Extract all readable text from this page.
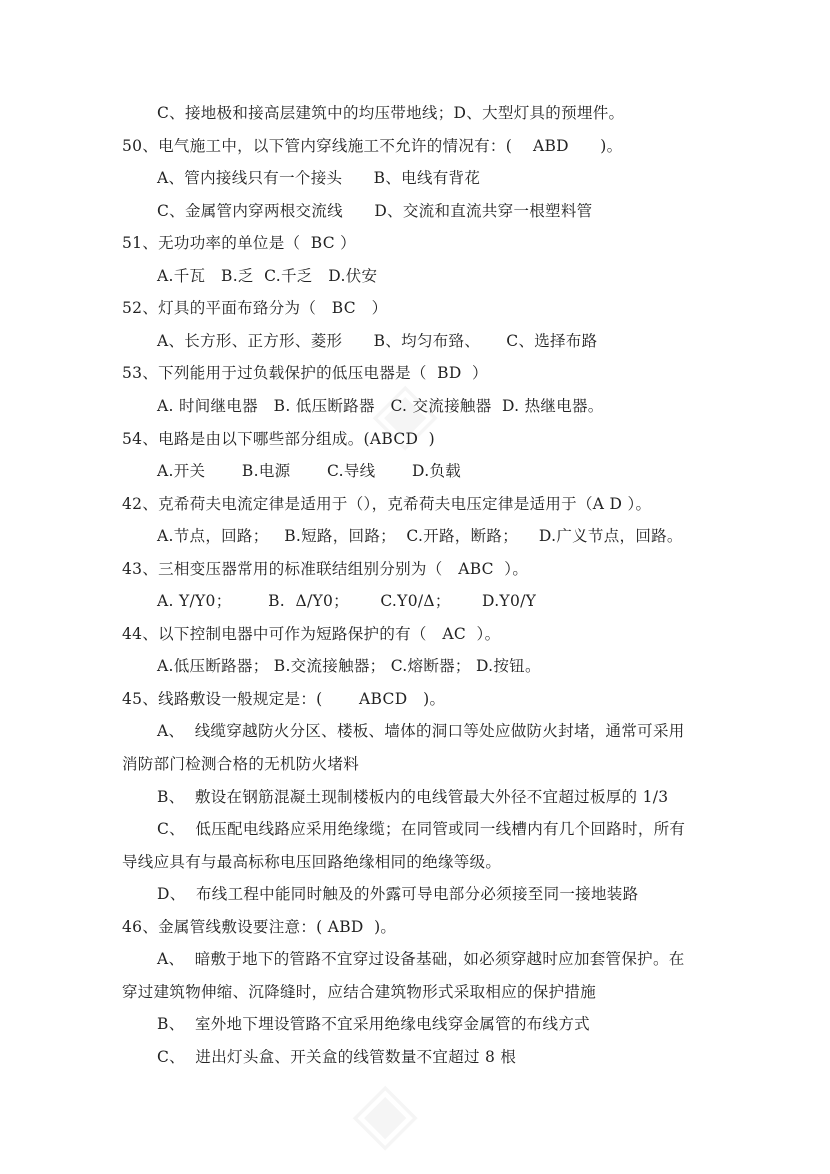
▣
▣
C、接地极和接高层建筑中的均压带地线；D、大型灯具的预埋件。
50、电气施工中，以下管内穿线施工不允许的情况有：(    ABD      )。
A、管内接线只有一个接头      B、电线有背花
C、金属管内穿两根交流线      D、交流和直流共穿一根塑料管
51、无功功率的单位是（  BC ）
A.千瓦   B.乏  C.千乏   D.伏安
52、灯具的平面布臵分为（   BC   ）
A、长方形、正方形、菱形      B、均匀布臵、     C、选择布路
53、下列能用于过负载保护的低压电器是（  BD  ）
A. 时间继电器   B. 低压断路器   C. 交流接触器  D. 热继电器。
54、电路是由以下哪些部分组成。(ABCD  )
A.开关       B.电源       C.导线       D.负载
42、克希荷夫电流定律是适用于（），克希荷夫电压定律是适用于（A D ）。
A.节点，回路；   B.短路，回路；  C.开路，断路；    D.广义节点，回路。
43、三相变压器常用的标准联结组别分别为（   ABC  ）。
A. Y/Y0；       B.  Δ/Y0；      C.Y0/Δ；      D.Y0/Y
44、以下控制电器中可作为短路保护的有（   AC  ）。
A.低压断路器； B.交流接触器； C.熔断器； D.按钮。
45、线路敷设一般规定是：(       ABCD   )。
A、  线缆穿越防火分区、楼板、墙体的洞口等处应做防火封堵，通常可采用
消防部门检测合格的无机防火堵料
B、  敷设在钢筋混凝土现制楼板内的电线管最大外径不宜超过板厚的 1/3
C、  低压配电线路应采用绝缘缆；在同管或同一线槽内有几个回路时，所有
导线应具有与最高标称电压回路绝缘相同的绝缘等级。
D、  布线工程中能同时触及的外露可导电部分必须接至同一接地装路
46、金属管线敷设要注意：( ABD  )。
A、  暗敷于地下的管路不宜穿过设备基础，如必须穿越时应加套管保护。在
穿过建筑物伸缩、沉降缝时，应结合建筑物形式采取相应的保护措施
B、  室外地下埋设管路不宜采用绝缘电线穿金属管的布线方式
C、  进出灯头盒、开关盒的线管数量不宜超过 8 根
